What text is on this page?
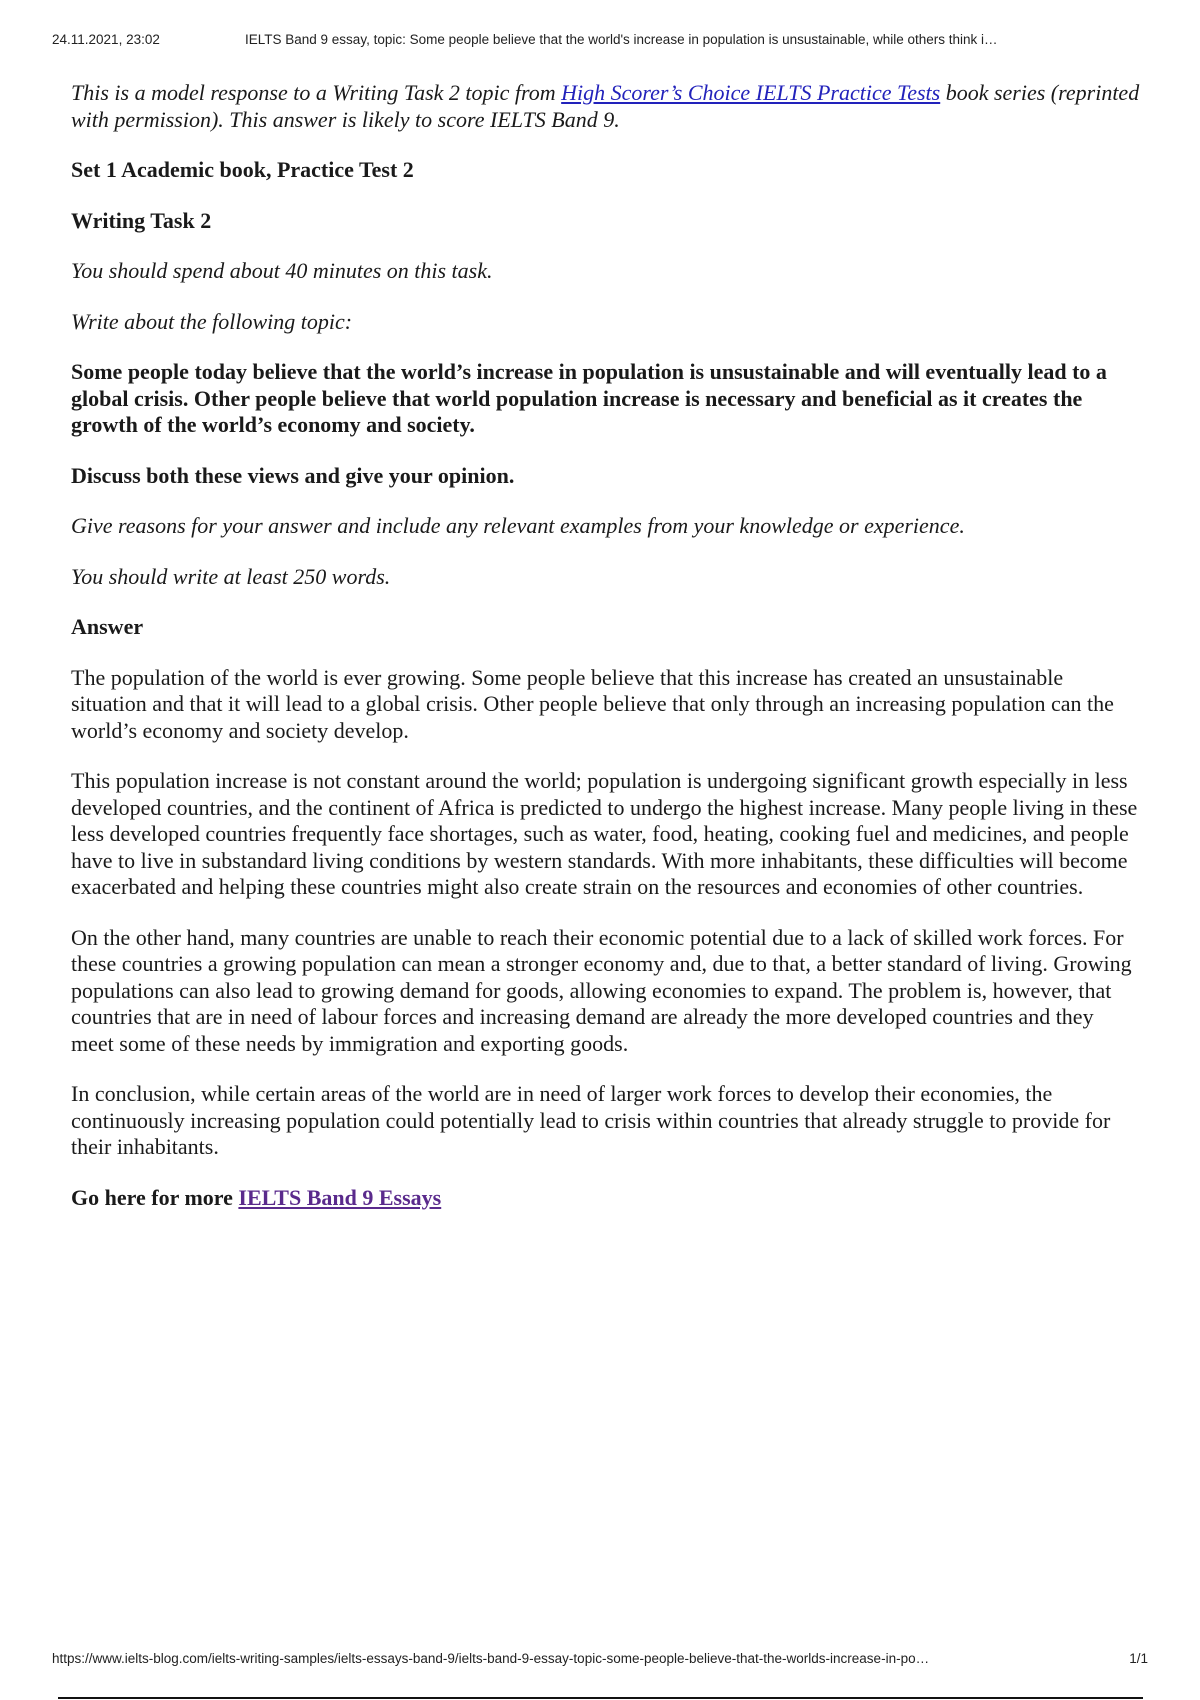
24.11.2021, 23:02	IELTS Band 9 essay, topic: Some people believe that the world's increase in population is unsustainable, while others think i…

This is a model response to a Writing Task 2 topic from High Scorer’s Choice IELTS Practice Tests book series (reprinted with permission). This answer is likely to score IELTS Band 9.

Set 1 Academic book, Practice Test 2

Writing Task 2

You should spend about 40 minutes on this task.

Write about the following topic:

Some people today believe that the world’s increase in population is unsustainable and will eventually lead to a global crisis. Other people believe that world population increase is necessary and beneficial as it creates the growth of the world’s economy and society.

Discuss both these views and give your opinion.

Give reasons for your answer and include any relevant examples from your knowledge or experience.

You should write at least 250 words.

Answer

The population of the world is ever growing. Some people believe that this increase has created an unsustainable situation and that it will lead to a global crisis. Other people believe that only through an increasing population can the world’s economy and society develop.

This population increase is not constant around the world; population is undergoing significant growth especially in less developed countries, and the continent of Africa is predicted to undergo the highest increase. Many people living in these less developed countries frequently face shortages, such as water, food, heating, cooking fuel and medicines, and people have to live in substandard living conditions by western standards. With more inhabitants, these difficulties will become exacerbated and helping these countries might also create strain on the resources and economies of other countries.

On the other hand, many countries are unable to reach their economic potential due to a lack of skilled work forces. For these countries a growing population can mean a stronger economy and, due to that, a better standard of living. Growing populations can also lead to growing demand for goods, allowing economies to expand. The problem is, however, that countries that are in need of labour forces and increasing demand are already the more developed countries and they meet some of these needs by immigration and exporting goods.

In conclusion, while certain areas of the world are in need of larger work forces to develop their economies, the continuously increasing population could potentially lead to crisis within countries that already struggle to provide for their inhabitants.

Go here for more IELTS Band 9 Essays

https://www.ielts-blog.com/ielts-writing-samples/ielts-essays-band-9/ielts-band-9-essay-topic-some-people-believe-that-the-worlds-increase-in-po…	1/1
